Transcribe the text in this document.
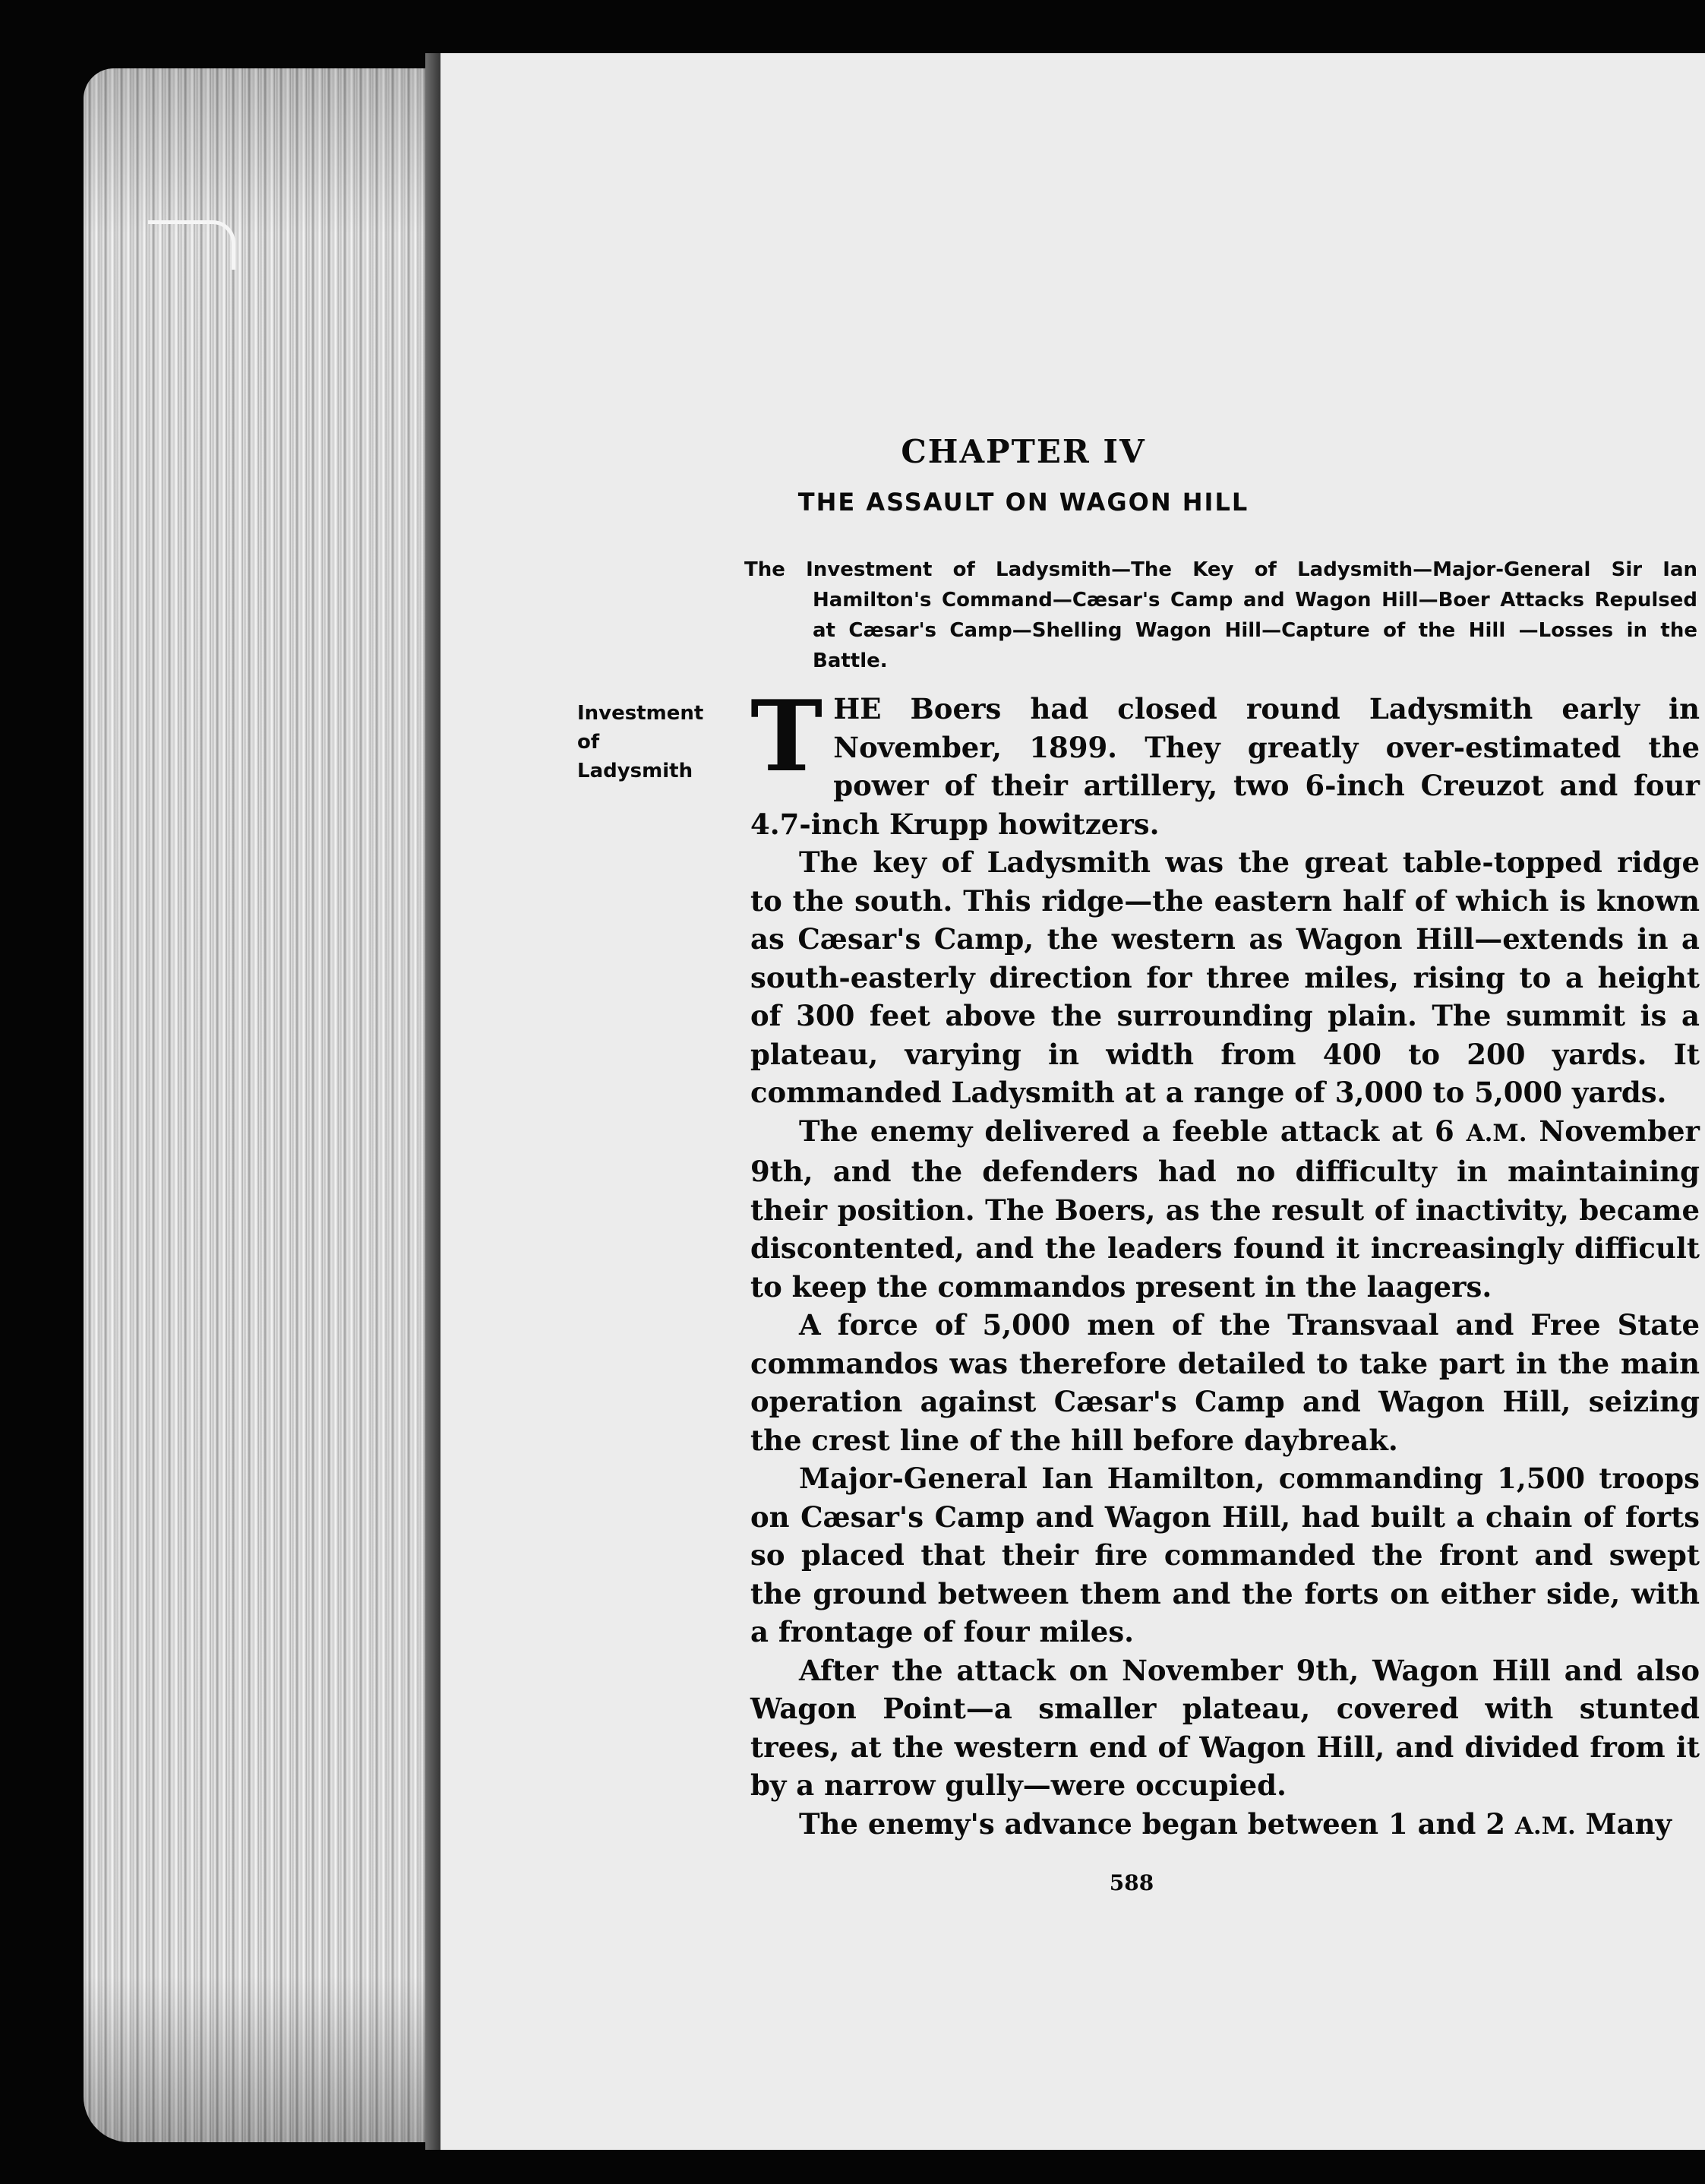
CHAPTER IV
THE ASSAULT ON WAGON HILL
The Investment of Ladysmith—The Key of Ladysmith—Major-General Sir Ian Hamilton's Command—Cæsar's Camp and Wagon Hill—Boer Attacks Repulsed at Cæsar's Camp—Shelling Wagon Hill—Capture of the Hill —Losses in the Battle.
Investment
of
Ladysmith THE Boers had closed round Ladysmith early in November, 1899. They greatly over-estimated the power of their artillery, two 6-inch Creuzot and four 4.7-inch Krupp howitzers.

The key of Ladysmith was the great table-topped ridge to the south. This ridge—the eastern half of which is known as Cæsar's Camp, the western as Wagon Hill—extends in a south-easterly direction for three miles, rising to a height of 300 feet above the surrounding plain. The summit is a plateau, varying in width from 400 to 200 yards. It commanded Ladysmith at a range of 3,000 to 5,000 yards.

The enemy delivered a feeble attack at 6 A.M. November 9th, and the defenders had no difficulty in maintaining their position. The Boers, as the result of inactivity, became discontented, and the leaders found it increasingly difficult to keep the commandos present in the laagers.

A force of 5,000 men of the Transvaal and Free State commandos was therefore detailed to take part in the main operation against Cæsar's Camp and Wagon Hill, seizing the crest line of the hill before daybreak.

Major-General Ian Hamilton, commanding 1,500 troops on Cæsar's Camp and Wagon Hill, had built a chain of forts so placed that their fire commanded the front and swept the ground between them and the forts on either side, with a frontage of four miles.

After the attack on November 9th, Wagon Hill and also Wagon Point—a smaller plateau, covered with stunted trees, at the western end of Wagon Hill, and divided from it by a narrow gully—were occupied.

The enemy's advance began between 1 and 2 A.M. Many

588
